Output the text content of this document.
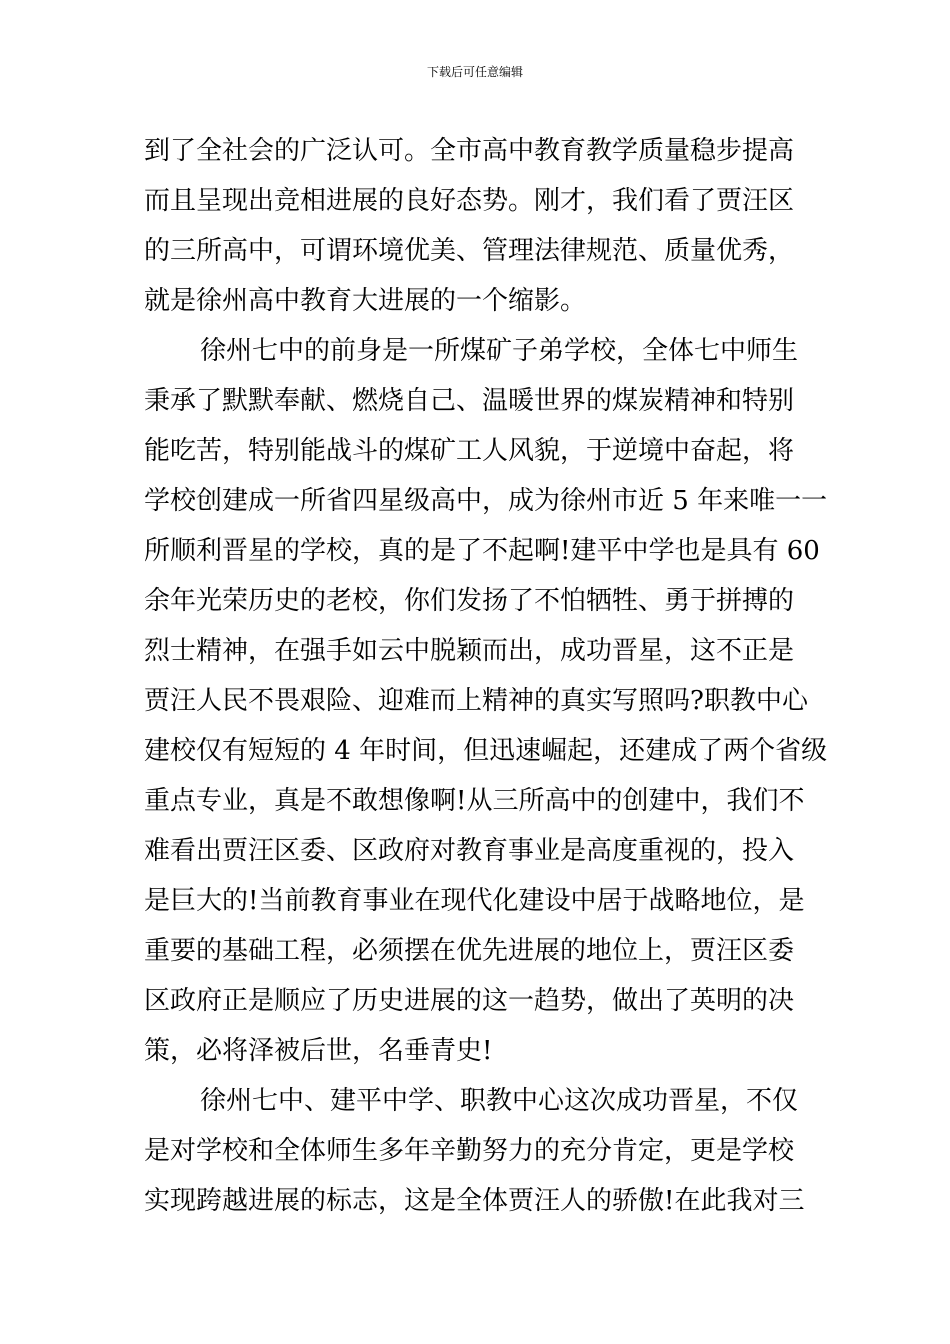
下载后可任意编辑
到了全社会的广泛认可。全市高中教育教学质量稳步提高
而且呈现出竞相进展的良好态势。刚才，我们看了贾汪区
的三所高中，可谓环境优美、管理法律规范、质量优秀，
就是徐州高中教育大进展的一个缩影。
徐州七中的前身是一所煤矿子弟学校，全体七中师生
秉承了默默奉献、燃烧自己、温暖世界的煤炭精神和特别
能吃苦，特别能战斗的煤矿工人风貌，于逆境中奋起，将
学校创建成一所省四星级高中，成为徐州市近 5 年来唯一一
所顺利晋星的学校，真的是了不起啊!建平中学也是具有 60
余年光荣历史的老校，你们发扬了不怕牺牲、勇于拼搏的
烈士精神，在强手如云中脱颖而出，成功晋星，这不正是
贾汪人民不畏艰险、迎难而上精神的真实写照吗?职教中心
建校仅有短短的 4 年时间，但迅速崛起，还建成了两个省级
重点专业，真是不敢想像啊!从三所高中的创建中，我们不
难看出贾汪区委、区政府对教育事业是高度重视的，投入
是巨大的!当前教育事业在现代化建设中居于战略地位，是
重要的基础工程，必须摆在优先进展的地位上，贾汪区委
区政府正是顺应了历史进展的这一趋势，做出了英明的决
策，必将泽被后世，名垂青史!
徐州七中、建平中学、职教中心这次成功晋星，不仅
是对学校和全体师生多年辛勤努力的充分肯定，更是学校
实现跨越进展的标志，这是全体贾汪人的骄傲!在此我对三
